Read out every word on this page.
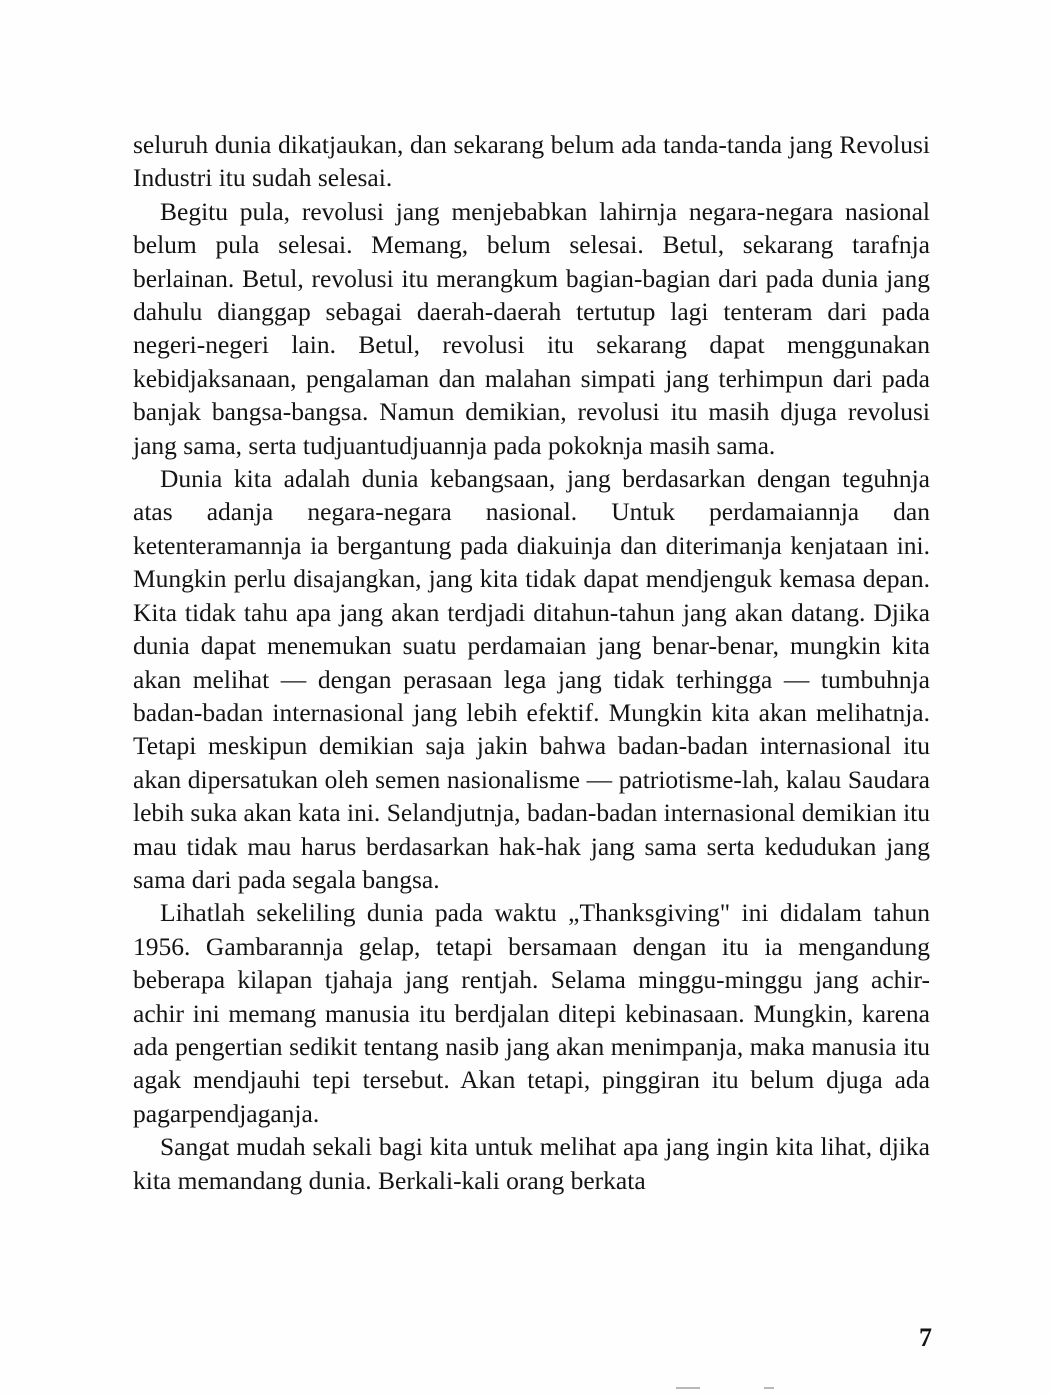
seluruh dunia dikatjaukan, dan sekarang belum ada tanda-tanda jang Revolusi Industri itu sudah selesai.

Begitu pula, revolusi jang menjebabkan lahirnja negara-negara nasional belum pula selesai. Memang, belum selesai. Betul, sekarang tarafnja berlainan. Betul, revolusi itu merangkum bagian-bagian dari pada dunia jang dahulu dianggap sebagai daerah-daerah tertutup lagi tenteram dari pada negeri-negeri lain. Betul, revolusi itu sekarang dapat menggunakan kebidjaksanaan, pengalaman dan malahan simpati jang terhimpun dari pada banjak bangsa-bangsa. Namun demikian, revolusi itu masih djuga revolusi jang sama, serta tudjuantudjuannja pada pokoknja masih sama.

Dunia kita adalah dunia kebangsaan, jang berdasarkan dengan teguhnja atas adanja negara-negara nasional. Untuk perdamaiannja dan ketenteramannja ia bergantung pada diakuinja dan diterimanja kenjataan ini. Mungkin perlu disajangkan, jang kita tidak dapat mendjenguk kemasa depan. Kita tidak tahu apa jang akan terdjadi ditahun-tahun jang akan datang. Djika dunia dapat menemukan suatu perdamaian jang benar-benar, mungkin kita akan melihat — dengan perasaan lega jang tidak terhingga — tumbuhnja badan-badan internasional jang lebih efektif. Mungkin kita akan melihatnja. Tetapi meskipun demikian saja jakin bahwa badan-badan internasional itu akan dipersatukan oleh semen nasionalisme — patriotisme-lah, kalau Saudara lebih suka akan kata ini. Selandjutnja, badan-badan internasional demikian itu mau tidak mau harus berdasarkan hak-hak jang sama serta kedudukan jang sama dari pada segala bangsa.

Lihatlah sekeliling dunia pada waktu „Thanksgiving" ini didalam tahun 1956. Gambarannja gelap, tetapi bersamaan dengan itu ia mengandung beberapa kilapan tjahaja jang rentjah. Selama minggu-minggu jang achir-achir ini memang manusia itu berdjalan ditepi kebinasaan. Mungkin, karena ada pengertian sedikit tentang nasib jang akan menimpanja, maka manusia itu agak mendjauhi tepi tersebut. Akan tetapi, pinggiran itu belum djuga ada pagarpendjaganja.

Sangat mudah sekali bagi kita untuk melihat apa jang ingin kita lihat, djika kita memandang dunia. Berkali-kali orang berkata

7
